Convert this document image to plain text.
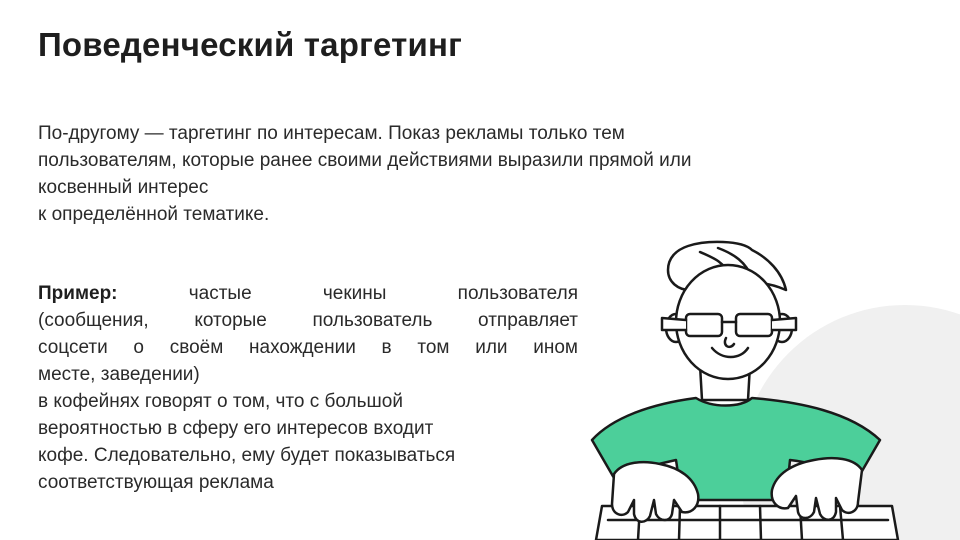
Поведенческий таргетинг

По-другому — таргетинг по интересам. Показ рекламы только тем
пользователям, которые ранее своими действиями выразили прямой или
косвенный интерес
к определённой тематике.

Пример:	частые чекины пользователя
(сообщения, которые пользователь отправляет
соцсети о своём нахождении в том или ином
месте, заведении)
в кофейнях говорят о том, что с большой
вероятностью в сферу его интересов входит
кофе. Следовательно, ему будет показываться
соответствующая реклама
